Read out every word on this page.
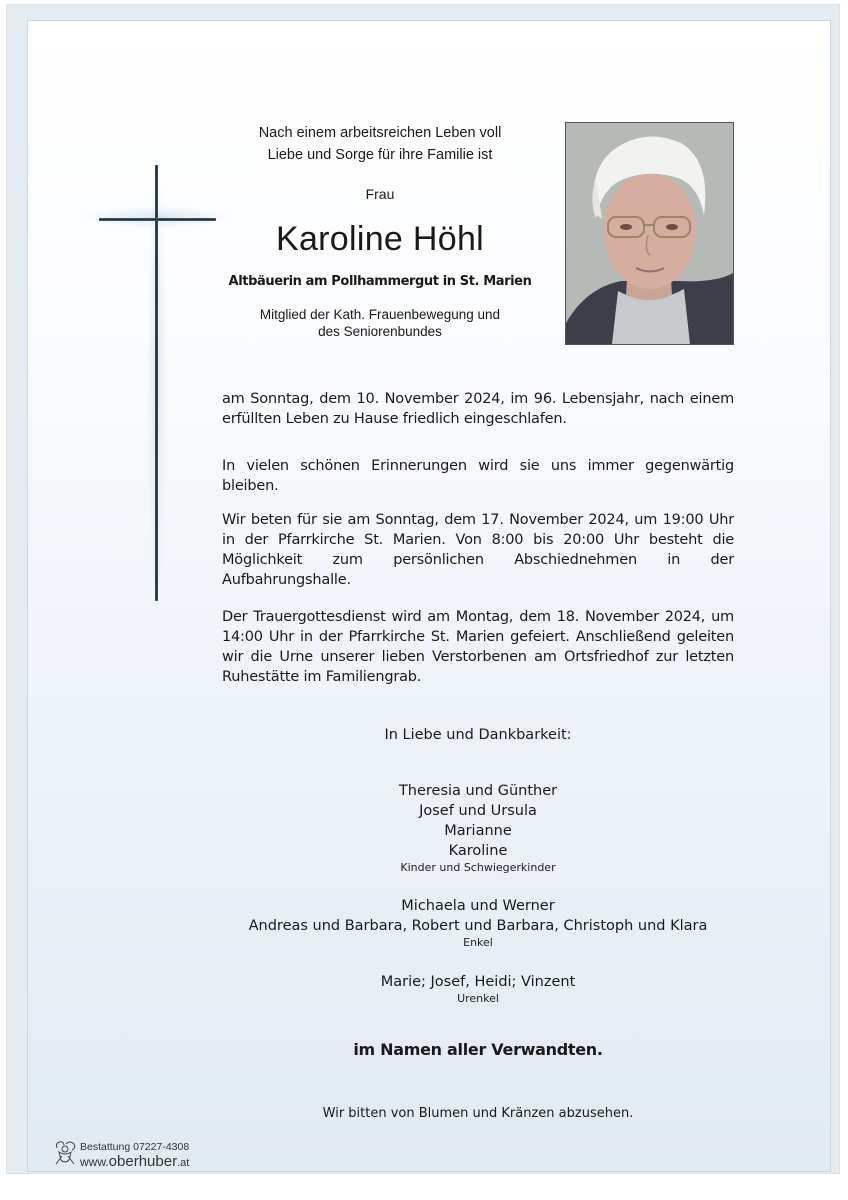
Nach einem arbeitsreichen Leben voll
Liebe und Sorge für ihre Familie ist
Frau
Karoline Höhl
Altbäuerin am Pollhammergut in St. Marien
Mitglied der Kath. Frauenbewegung und
des Seniorenbundes
am Sonntag, dem 10. November 2024, im 96. Lebensjahr, nach einem erfüllten Leben zu Hause friedlich eingeschlafen.
In vielen schönen Erinnerungen wird sie uns immer gegenwärtig bleiben.
Wir beten für sie am Sonntag, dem 17. November 2024, um 19:00 Uhr in der Pfarrkirche St. Marien. Von 8:00 bis 20:00 Uhr besteht die Möglichkeit zum persönlichen Abschiednehmen in der Aufbahrungshalle.
Der Trauergottesdienst wird am Montag, dem 18. November 2024, um 14:00 Uhr in der Pfarrkirche St. Marien gefeiert. Anschließend geleiten wir die Urne unserer lieben Verstorbenen am Ortsfriedhof zur letzten Ruhestätte im Familiengrab.
In Liebe und Dankbarkeit:
Theresia und Günther
Josef und Ursula
Marianne
Karoline
Kinder und Schwiegerkinder
Michaela und Werner
Andreas und Barbara, Robert und Barbara, Christoph und Klara
Enkel
Marie; Josef, Heidi; Vinzent
Urenkel
im Namen aller Verwandten.
Wir bitten von Blumen und Kränzen abzusehen.
Bestattung 07227-4308
www.oberhuber.at
